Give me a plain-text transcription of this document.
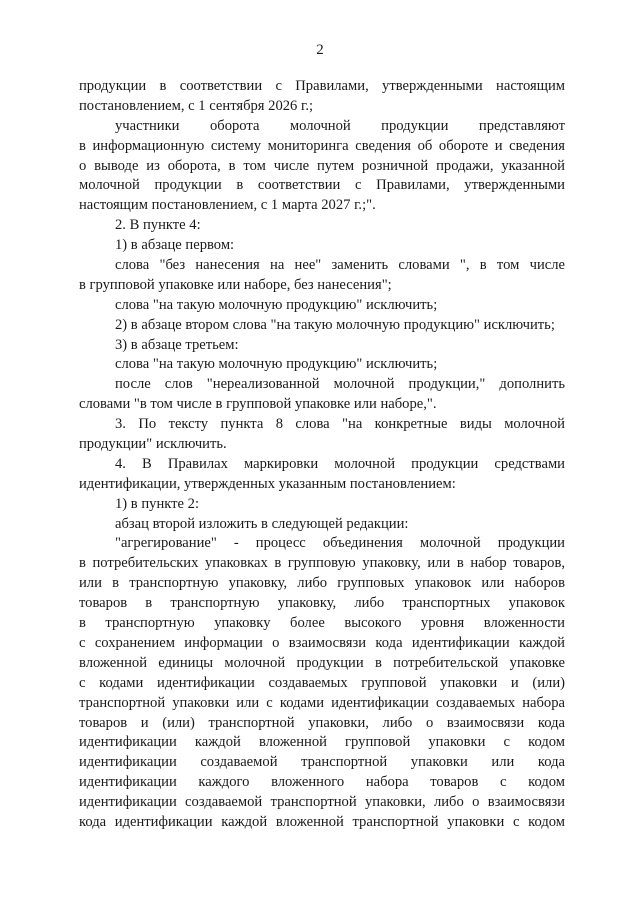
2
продукции в соответствии с Правилами, утвержденными настоящим
постановлением, с 1 сентября 2026 г.;
участники оборота молочной продукции представляют
в информационную систему мониторинга сведения об обороте и сведения
о выводе из оборота, в том числе путем розничной продажи, указанной
молочной продукции в соответствии с Правилами, утвержденными
настоящим постановлением, с 1 марта 2027 г.;".
2. В пункте 4:
1) в абзаце первом:
слова "без нанесения на нее" заменить словами ", в том числе
в групповой упаковке или наборе, без нанесения";
слова "на такую молочную продукцию" исключить;
2) в абзаце втором слова "на такую молочную продукцию" исключить;
3) в абзаце третьем:
слова "на такую молочную продукцию" исключить;
после слов "нереализованной молочной продукции," дополнить
словами "в том числе в групповой упаковке или наборе,".
3. По тексту пункта 8 слова "на конкретные виды молочной
продукции" исключить.
4. В Правилах маркировки молочной продукции средствами
идентификации, утвержденных указанным постановлением:
1) в пункте 2:
абзац второй изложить в следующей редакции:
"агрегирование" - процесс объединения молочной продукции
в потребительских упаковках в групповую упаковку, или в набор товаров,
или в транспортную упаковку, либо групповых упаковок или наборов
товаров в транспортную упаковку, либо транспортных упаковок
в транспортную упаковку более высокого уровня вложенности
с сохранением информации о взаимосвязи кода идентификации каждой
вложенной единицы молочной продукции в потребительской упаковке
с кодами идентификации создаваемых групповой упаковки и (или)
транспортной упаковки или с кодами идентификации создаваемых набора
товаров и (или) транспортной упаковки, либо о взаимосвязи кода
идентификации каждой вложенной групповой упаковки с кодом
идентификации создаваемой транспортной упаковки или кода
идентификации каждого вложенного набора товаров с кодом
идентификации создаваемой транспортной упаковки, либо о взаимосвязи
кода идентификации каждой вложенной транспортной упаковки с кодом
